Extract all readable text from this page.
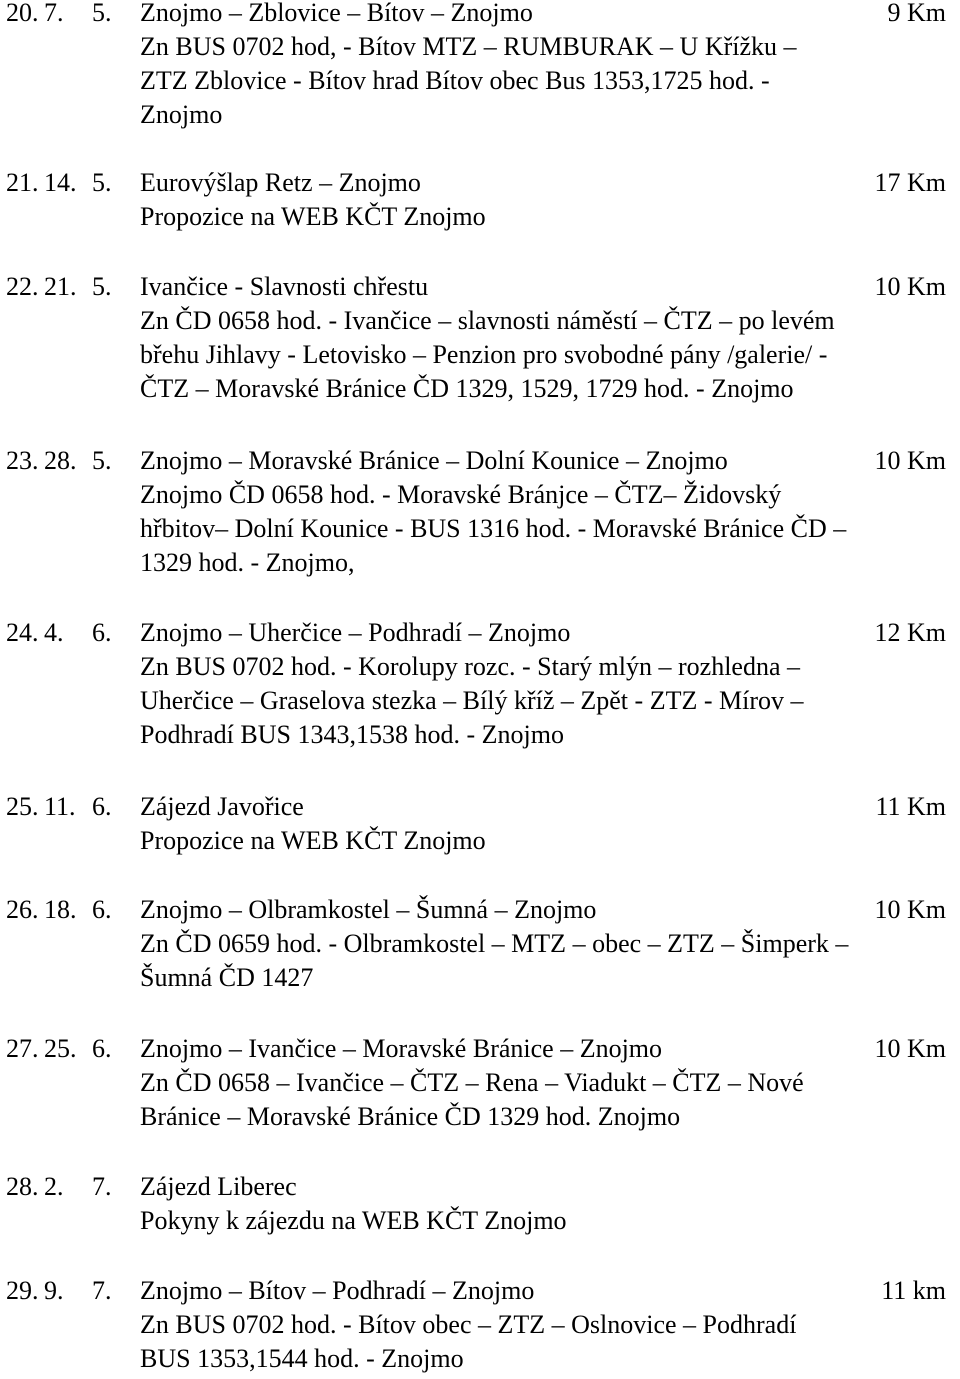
20. 7. 5. Znojmo – Zblovice – Bítov – Znojmo	9 Km
Zn BUS 0702 hod, - Bítov MTZ – RUMBURAK – U Křížku –
ZTZ Zblovice - Bítov hrad Bítov obec Bus 1353,1725 hod. -
Znojmo
21. 14. 5. Eurovýšlap Retz – Znojmo	17 Km
Propozice na WEB KČT Znojmo
22. 21. 5. Ivančice - Slavnosti chřestu	10 Km
Zn ČD 0658 hod. - Ivančice – slavnosti náměstí – ČTZ – po levém
břehu Jihlavy - Letovisko – Penzion pro svobodné pány /galerie/ -
ČTZ – Moravské Bránice ČD 1329, 1529, 1729 hod. - Znojmo
23. 28. 5. Znojmo – Moravské Bránice – Dolní Kounice – Znojmo	10 Km
Znojmo ČD 0658 hod. - Moravské Bránjce – ČTZ– Židovský
hřbitov– Dolní Kounice - BUS 1316 hod. - Moravské Bránice ČD –
1329 hod. - Znojmo,
24. 4. 6. Znojmo – Uherčice – Podhradí – Znojmo	12 Km
Zn BUS 0702 hod. - Korolupy rozc. - Starý mlýn – rozhledna –
Uherčice – Graselova stezka – Bílý kříž – Zpět - ZTZ - Mírov –
Podhradí BUS 1343,1538 hod. - Znojmo
25. 11. 6. Zájezd Javořice	11 Km
Propozice na WEB KČT Znojmo
26. 18. 6. Znojmo – Olbramkostel – Šumná – Znojmo	10 Km
Zn ČD 0659 hod. - Olbramkostel – MTZ – obec – ZTZ – Šimperk –
Šumná ČD 1427
27. 25. 6. Znojmo – Ivančice – Moravské Bránice – Znojmo	10 Km
Zn ČD 0658 – Ivančice – ČTZ – Rena – Viadukt – ČTZ – Nové
Bránice – Moravské Bránice ČD 1329 hod. Znojmo
28. 2. 7. Zájezd Liberec
Pokyny k zájezdu na WEB KČT Znojmo
29. 9. 7. Znojmo – Bítov – Podhradí – Znojmo	11 km
Zn BUS 0702 hod. - Bítov obec – ZTZ – Oslnovice – Podhradí
BUS 1353,1544 hod. - Znojmo
